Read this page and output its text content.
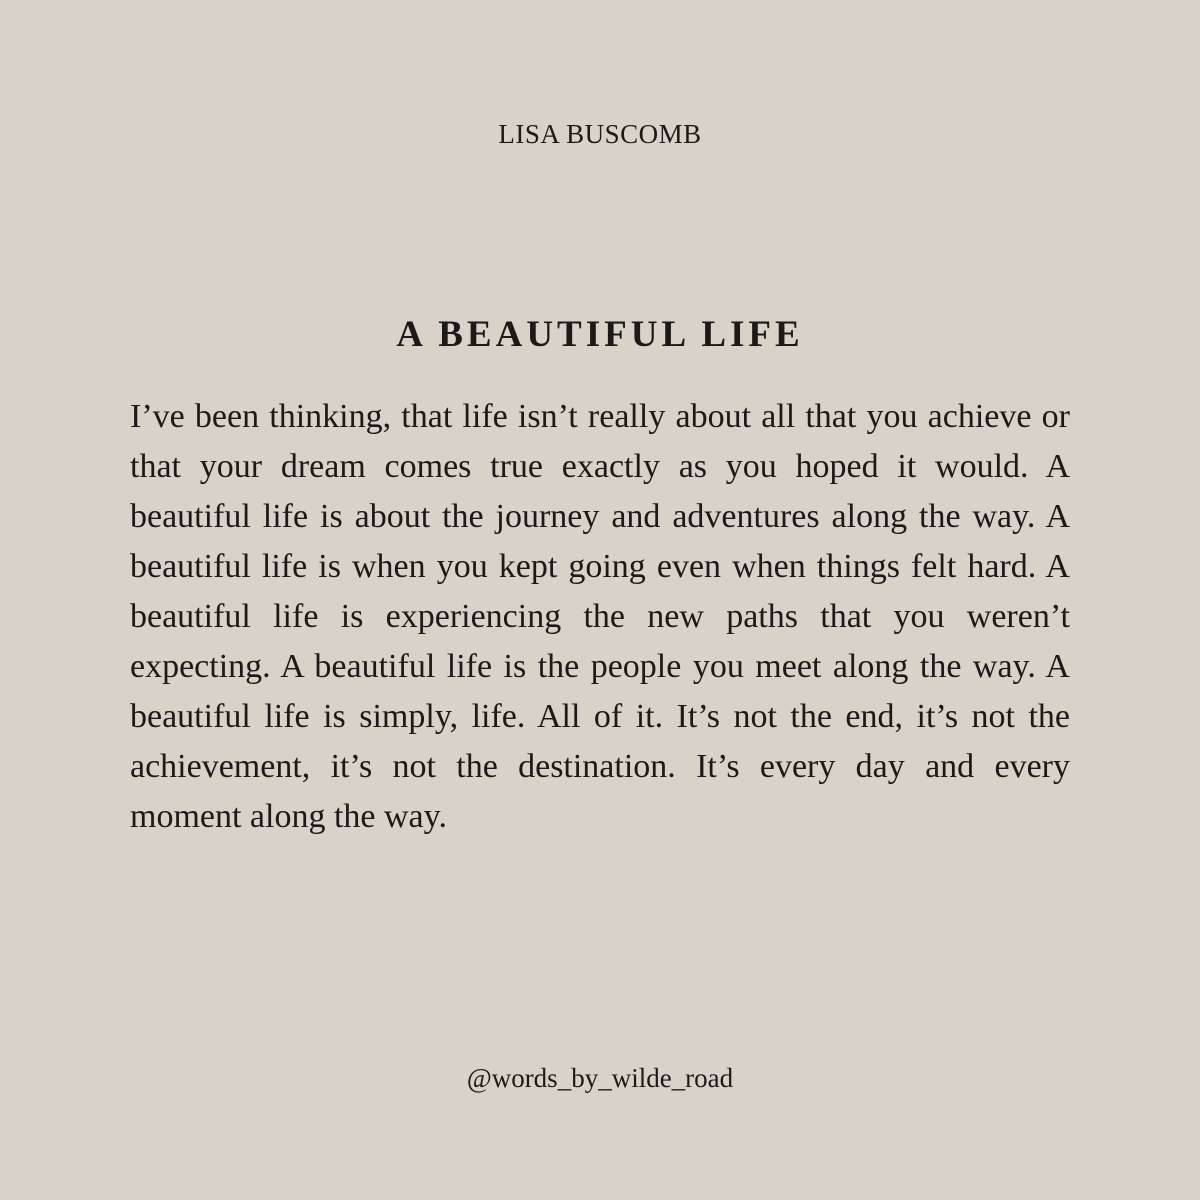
LISA BUSCOMB
A BEAUTIFUL LIFE

I’ve been thinking, that life isn’t really about all that you achieve or that your dream comes true exactly as you hoped it would. A beautiful life is about the journey and adventures along the way. A beautiful life is when you kept going even when things felt hard. A beautiful life is experiencing the new paths that you weren’t expecting. A beautiful life is the people you meet along the way. A beautiful life is simply, life. All of it. It’s not the end, it’s not the achievement, it’s not the destination. It’s every day and every moment along the way.

@words_by_wilde_road
